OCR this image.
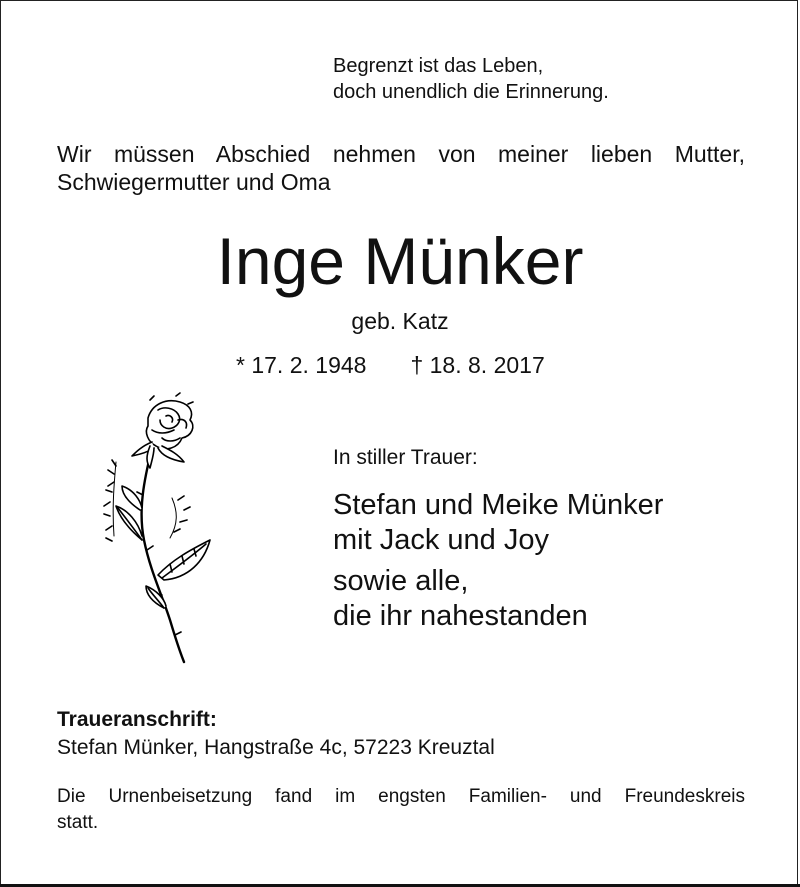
Begrenzt ist das Leben,
doch unendlich die Erinnerung.
Wir müssen Abschied nehmen von meiner lieben Mutter,
Schwiegermutter und Oma
Inge Münker
geb. Katz
* 17. 2. 1948 † 18. 8. 2017
In stiller Trauer:
Stefan und Meike Münker
mit Jack und Joy
sowie alle,
die ihr nahestanden
Traueranschrift:
Stefan Münker, Hangstraße 4c, 57223 Kreuztal
Die Urnenbeisetzung fand im engsten Familien- und Freundeskreis
statt.
